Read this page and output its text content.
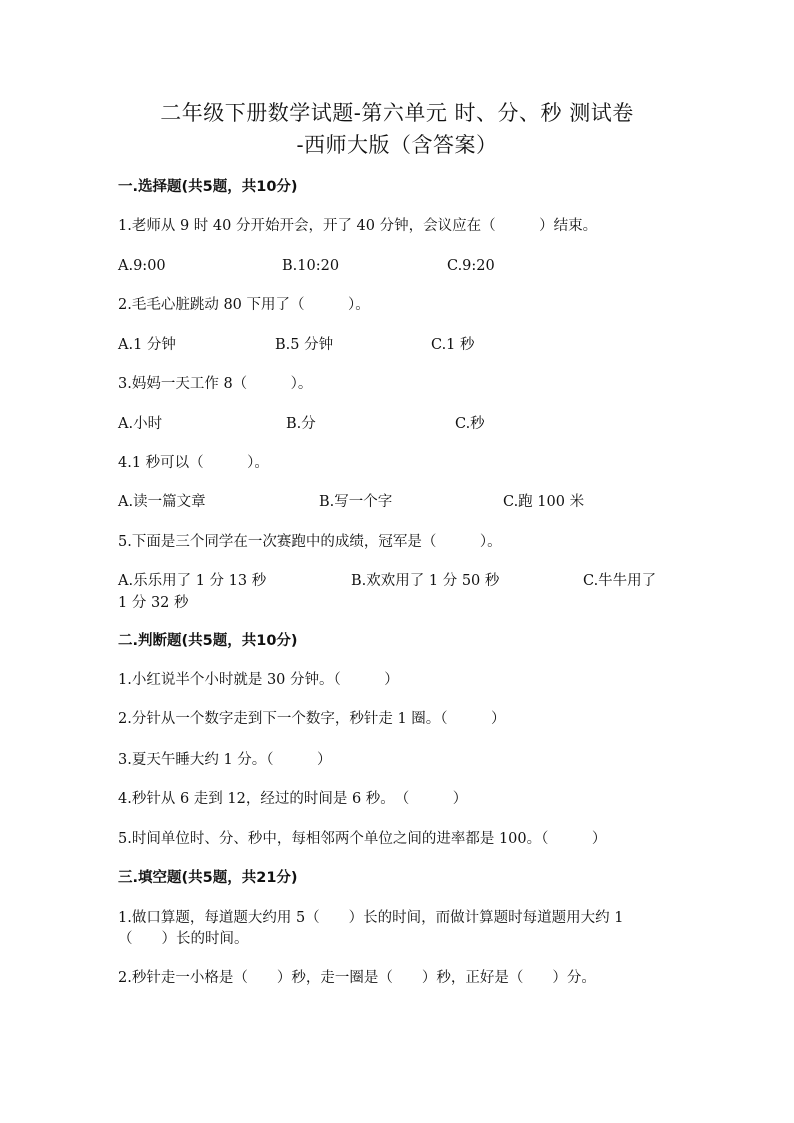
二年级下册数学试题-第六单元 时、分、秒 测试卷
-西师大版（含答案）
一.选择题(共5题，共10分)
1.老师从 9 时 40 分开始开会，开了 40 分钟，会议应在（　　　）结束。
A.9:00	B.10:20	C.9:20
2.毛毛心脏跳动 80 下用了（　　　）。
A.1 分钟	B.5 分钟	C.1 秒
3.妈妈一天工作 8（　　　）。
A.小时	B.分	C.秒
4.1 秒可以（　　　）。
A.读一篇文章	B.写一个字	C.跑 100 米
5.下面是三个同学在一次赛跑中的成绩，冠军是（　　　）。
A.乐乐用了 1 分 13 秒	B.欢欢用了 1 分 50 秒	C.牛牛用了
1 分 32 秒
二.判断题(共5题，共10分)
1.小红说半个小时就是 30 分钟。（　　　）
2.分针从一个数字走到下一个数字，秒针走 1 圈。（　　　）
3.夏天午睡大约 1 分。（　　　）
4.秒针从 6 走到 12，经过的时间是 6 秒。　（　　　）
5.时间单位时、分、秒中，每相邻两个单位之间的进率都是 100。（　　　）
三.填空题(共5题，共21分)
1.做口算题，每道题大约用 5（　　）长的时间，而做计算题时每道题用大约 1
（　　）长的时间。
2.秒针走一小格是（　　）秒，走一圈是（　　）秒，正好是（　　）分。
